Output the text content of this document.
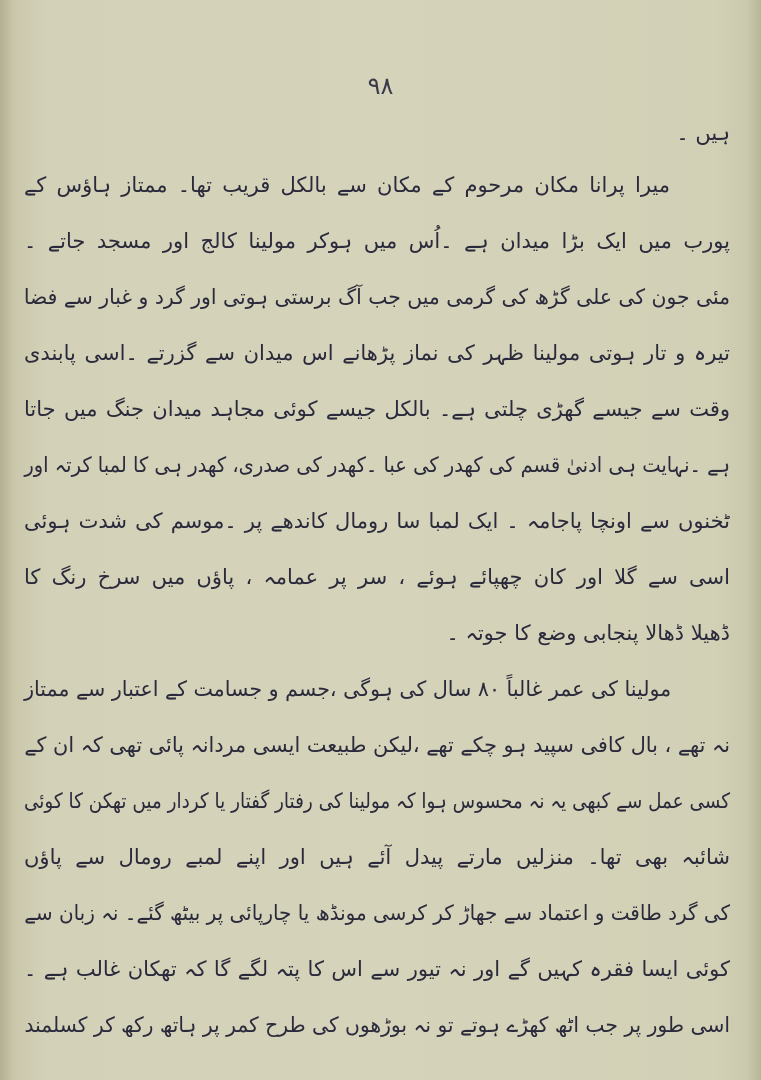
۹۸
ہیں ۔
میرا پرانا مکان مرحوم کے مکان سے بالکل قریب تھا۔ ممتاز ہاؤس کے
پورب میں ایک بڑا میدان ہے ۔اُس میں ہوکر مولینا کالج اور مسجد جاتے ۔
مئی جون کی علی گڑھ کی گرمی میں جب آگ برستی ہوتی اور گرد و غبار سے فضا
تیرہ و تار ہوتی مولینا ظہر کی نماز پڑھانے اس میدان سے گزرتے ۔اسی پابندی
وقت سے جیسے گھڑی چلتی ہے۔ بالکل جیسے کوئی مجاہد میدان جنگ میں جاتا
ہے ۔نہایت ہی ادنیٰ قسم کی کھدر کی عبا ۔کھدر کی صدری، کھدر ہی کا لمبا کرتہ اور
ٹخنوں سے اونچا پاجامہ ۔ ایک لمبا سا رومال کاندھے پر ۔موسم کی شدت ہوئی
اسی سے گلا اور کان چھپائے ہوئے ، سر پر عمامہ ، پاؤں میں سرخ رنگ کا
ڈھیلا ڈھالا پنجابی وضع کا جوتہ ۔
مولینا کی عمر غالباً ۸۰ سال کی ہوگی ،جسم و جسامت کے اعتبار سے ممتاز
نہ تھے ، بال کافی سپید ہو چکے تھے ،لیکن طبیعت ایسی مردانہ پائی تھی کہ ان کے
کسی عمل سے کبھی یہ نہ محسوس ہوا کہ مولینا کی رفتار گفتار یا کردار میں تھکن کا کوئی
شائبہ بھی تھا۔ منزلیں مارتے پیدل آئے ہیں اور اپنے لمبے رومال سے پاؤں
کی گرد طاقت و اعتماد سے جھاڑ کر کرسی مونڈھ یا چارپائی پر بیٹھ گئے۔ نہ زبان سے
کوئی ایسا فقرہ کہیں گے اور نہ تیور سے اس کا پتہ لگے گا کہ تھکان غالب ہے ۔
اسی طور پر جب اٹھ کھڑے ہوتے تو نہ بوڑھوں کی طرح کمر پر ہاتھ رکھ کر کسلمند
